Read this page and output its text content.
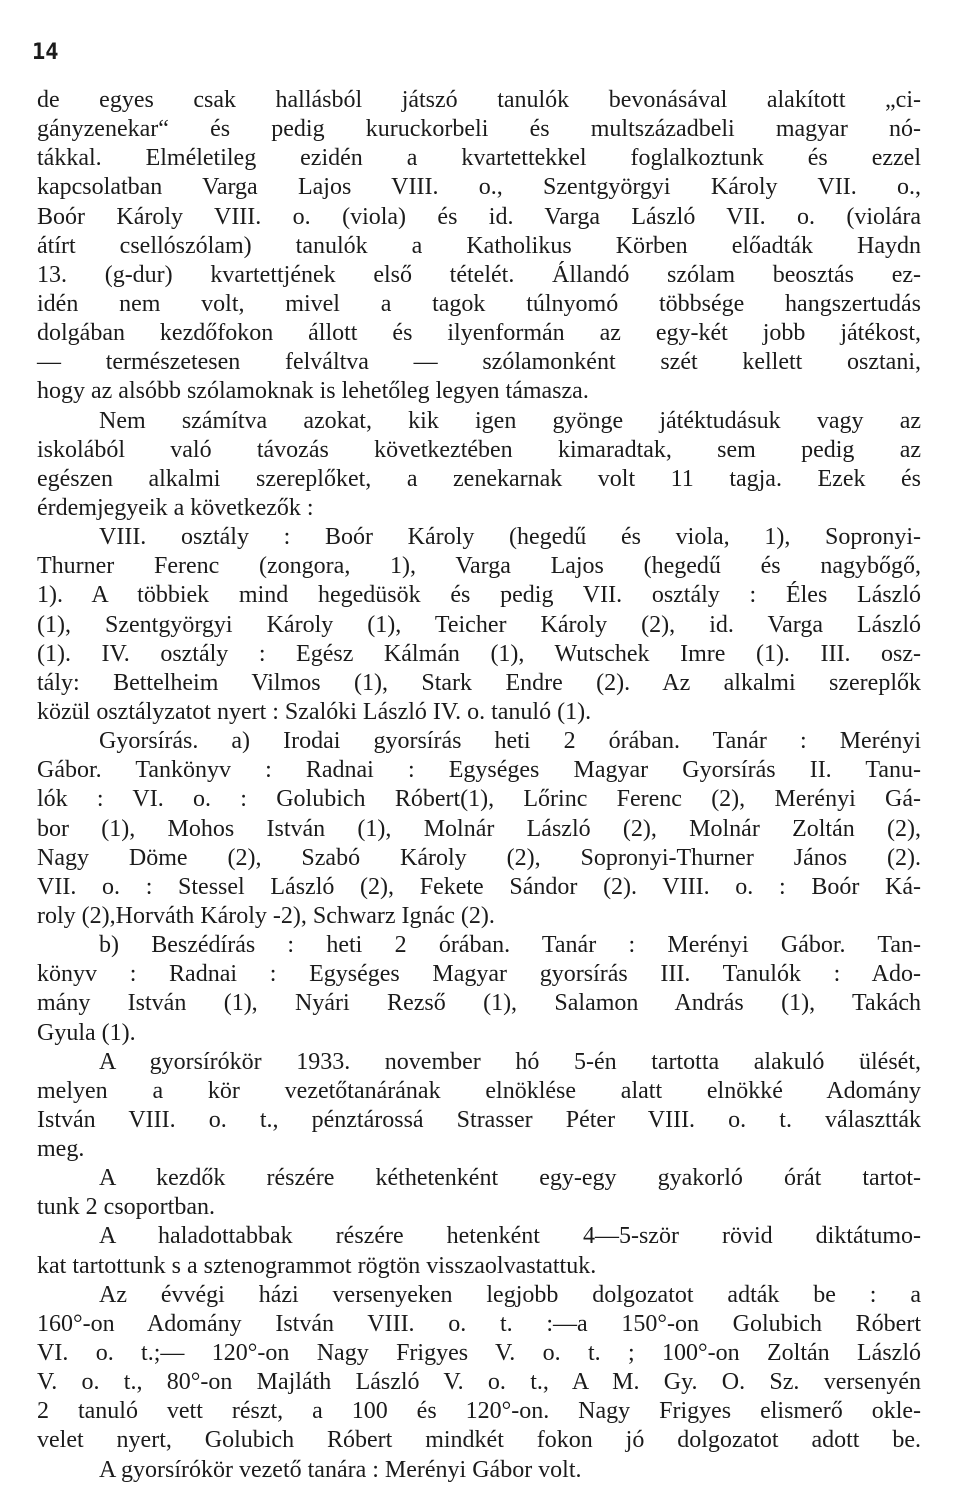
14
de egyes csak hallásból játszó tanulók bevonásával alakított „ci-
gányzenekar“ és pedig kuruckorbeli és multszázadbeli magyar nó-
tákkal. Elméletileg ezidén a kvartettekkel foglalkoztunk és ezzel
kapcsolatban Varga Lajos VIII. o., Szentgyörgyi Károly VII. o.,
Boór Károly VIII. o. (viola) és id. Varga László VII. o. (violára
átírt csellószólam) tanulók a Katholikus Körben előadták Haydn
13. (g-dur) kvartettjének első tételét. Állandó szólam beosztás ez-
idén nem volt, mivel a tagok túlnyomó többsége hangszertudás
dolgában kezdőfokon állott és ilyenformán az egy-két jobb játékost,
— természetesen felváltva — szólamonként szét kellett osztani,
hogy az alsóbb szólamoknak is lehetőleg legyen támasza.
Nem számítva azokat, kik igen gyönge játéktudásuk vagy az
iskolából való távozás következtében kimaradtak, sem pedig az
egészen alkalmi szereplőket, a zenekarnak volt 11 tagja. Ezek és
érdemjegyeik a következők :
VIII. osztály : Boór Károly (hegedű és viola, 1), Sopronyi-
Thurner Ferenc (zongora, 1), Varga Lajos (hegedű és nagybőgő,
1). A többiek mind hegedüsök és pedig VII. osztály : Éles László
(1), Szentgyörgyi Károly (1), Teicher Károly (2), id. Varga László
(1). IV. osztály : Egész Kálmán (1), Wutschek Imre (1). III. osz-
tály: Bettelheim Vilmos (1), Stark Endre (2). Az alkalmi szereplők
közül osztályzatot nyert : Szalóki László IV. o. tanuló (1).
Gyorsírás. a) Irodai gyorsírás heti 2 órában. Tanár : Merényi
Gábor. Tankönyv : Radnai : Egységes Magyar Gyorsírás II. Tanu-
lók : VI. o. : Golubich Róbert(1), Lőrinc Ferenc (2), Merényi Gá-
bor (1), Mohos István (1), Molnár László (2), Molnár Zoltán (2),
Nagy Döme (2), Szabó Károly (2), Sopronyi-Thurner János (2).
VII. o. : Stessel László (2), Fekete Sándor (2). VIII. o. : Boór Ká-
roly (2),Horváth Károly -2), Schwarz Ignác (2).
b) Beszédírás : heti 2 órában. Tanár : Merényi Gábor. Tan-
könyv : Radnai : Egységes Magyar gyorsírás III. Tanulók : Ado-
mány István (1), Nyári Rezső (1), Salamon András (1), Takách
Gyula (1).
A gyorsírókör 1933. november hó 5-én tartotta alakuló ülését,
melyen a kör vezetőtanárának elnöklése alatt elnökké Adomány
István VIII. o. t., pénztárossá Strasser Péter VIII. o. t. választták
meg.
A kezdők részére kéthetenként egy-egy gyakorló órát tartot-
tunk 2 csoportban.
A haladottabbak részére hetenként 4—5-ször rövid diktátumo-
kat tartottunk s a sztenogrammot rögtön visszaolvastattuk.
Az évvégi házi versenyeken legjobb dolgozatot adták be : a
160°-on Adomány István VIII. o. t. :—a 150°-on Golubich Róbert
VI. o. t.;— 120°-on Nagy Frigyes V. o. t. ; 100°-on Zoltán László
V. o. t., 80°-on Majláth László V. o. t., A M. Gy. O. Sz. versenyén
2 tanuló vett részt, a 100 és 120°-on. Nagy Frigyes elismerő okle-
velet nyert, Golubich Róbert mindkét fokon jó dolgozatot adott be.
A gyorsírókör vezető tanára : Merényi Gábor volt.
